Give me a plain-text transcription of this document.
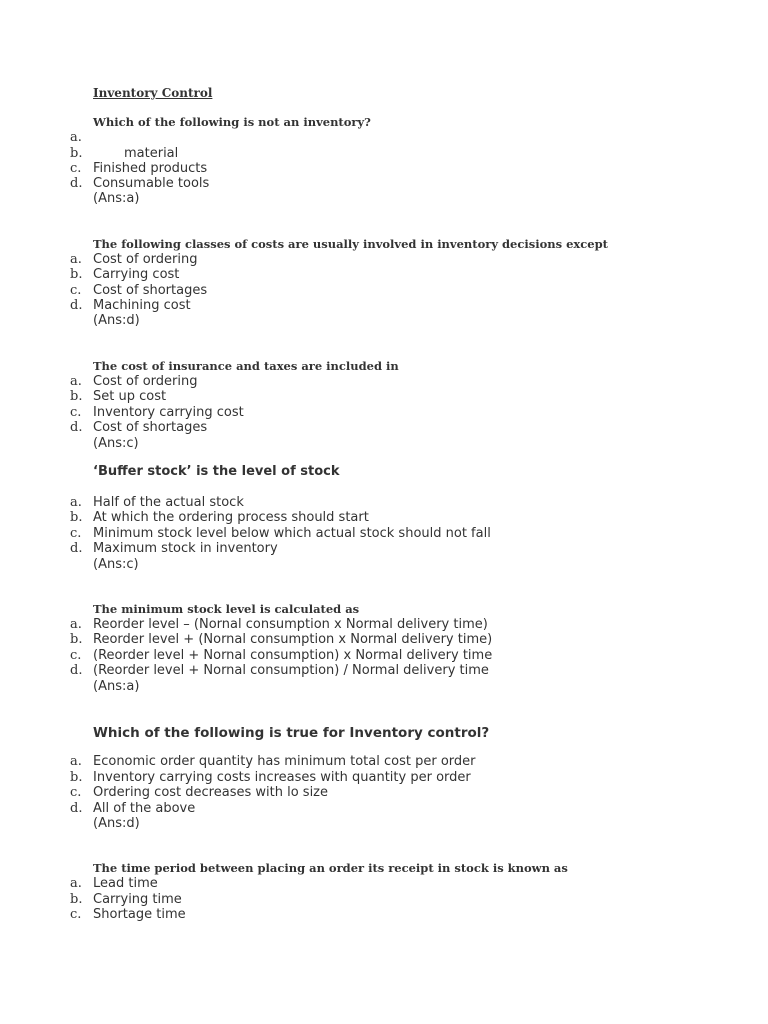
Inventory Control
Which of the following is not an inventory?
a.
b.	material
c. Finished products
d. Consumable tools
(Ans:a)
The following classes of costs are usually involved in inventory decisions except
a. Cost of ordering
b. Carrying cost
c. Cost of shortages
d. Machining cost
(Ans:d)
The cost of insurance and taxes are included in
a. Cost of ordering
b. Set up cost
c. Inventory carrying cost
d. Cost of shortages
(Ans:c)
‘Buffer stock’ is the level of stock
a. Half of the actual stock
b. At which the ordering process should start
c. Minimum stock level below which actual stock should not fall
d. Maximum stock in inventory
(Ans:c)
The minimum stock level is calculated as
a. Reorder level – (Nornal consumption x Normal delivery time)
b. Reorder level + (Nornal consumption x Normal delivery time)
c. (Reorder level + Nornal consumption) x Normal delivery time
d. (Reorder level + Nornal consumption) / Normal delivery time
(Ans:a)
Which of the following is true for Inventory control?
a. Economic order quantity has minimum total cost per order
b. Inventory carrying costs increases with quantity per order
c. Ordering cost decreases with lo size
d. All of the above
(Ans:d)
The time period between placing an order its receipt in stock is known as
a. Lead time
b. Carrying time
c. Shortage time
